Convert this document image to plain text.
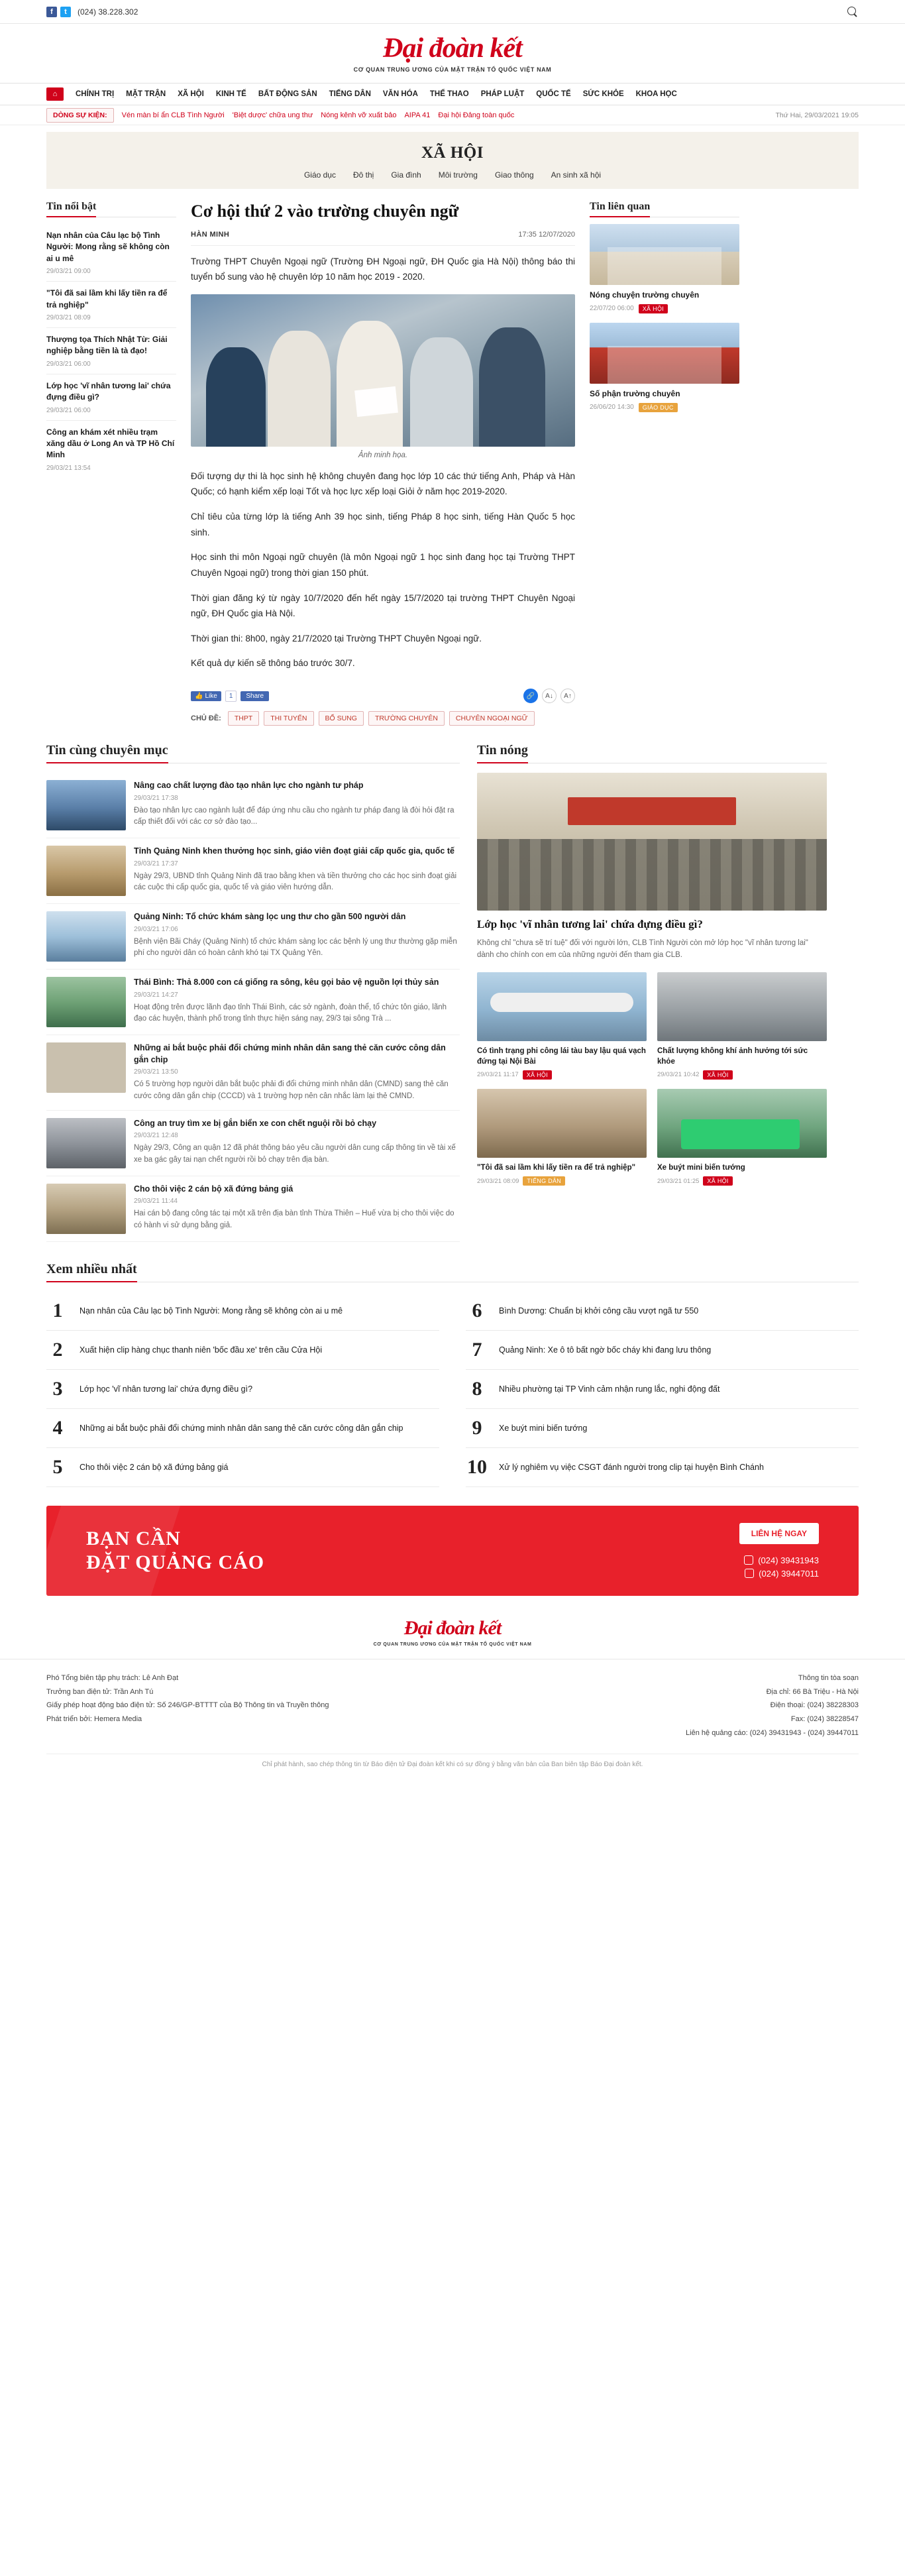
f	t	(024) 38.228.302
Đại đoàn kết
CƠ QUAN TRUNG ƯƠNG CỦA MẶT TRẬN TỔ QUỐC VIỆT NAM
⌂	CHÍNH TRỊ MẶT TRẬN XÃ HỘI KINH TẾ BẤT ĐỘNG SẢN TIẾNG DÂN VĂN HÓA THỂ THAO PHÁP LUẬT QUỐC TẾ SỨC KHỎE KHOA HỌC
DÒNG SỰ KIỆN:	Vén màn bí ẩn CLB Tình Người 'Biệt dược' chữa ung thư Nóng kênh vỡ xuất bảo AIPA 41 Đại hội Đảng toàn quốc	Thứ Hai, 29/03/2021 19:05
XÃ HỘI
Giáo dục Đô thị Gia đình Môi trường Giao thông An sinh xã hội
Tin nổi bật
Nạn nhân của Câu lạc bộ Tình Người: Mong rằng sẽ không còn ai u mê
29/03/21 09:00
"Tôi đã sai lầm khi lấy tiền ra để trả nghiệp"
29/03/21 08:09
Thượng tọa Thích Nhật Từ: Giải nghiệp bằng tiền là tà đạo!
29/03/21 06:00
Lớp học 'vĩ nhân tương lai' chứa đựng điều gì?
29/03/21 06:00
Công an khám xét nhiều trạm xăng dầu ở Long An và TP Hồ Chí Minh
29/03/21 13:54
Cơ hội thứ 2 vào trường chuyên ngữ
HÀN MINH	17:35 12/07/2020

Trường THPT Chuyên Ngoại ngữ (Trường ĐH Ngoại ngữ, ĐH Quốc gia Hà Nội) thông báo thi tuyển bổ sung vào hệ chuyên lớp 10 năm học 2019 - 2020.

Ảnh minh họa.

Đối tượng dự thi là học sinh hệ không chuyên đang học lớp 10 các thứ tiếng Anh, Pháp và Hàn Quốc; có hạnh kiểm xếp loại Tốt và học lực xếp loại Giỏi ở năm học 2019-2020.

Chỉ tiêu của từng lớp là tiếng Anh 39 học sinh, tiếng Pháp 8 học sinh, tiếng Hàn Quốc 5 học sinh.

Học sinh thi môn Ngoại ngữ chuyên (là môn Ngoại ngữ 1 học sinh đang học tại Trường THPT Chuyên Ngoại ngữ) trong thời gian 150 phút.

Thời gian đăng ký từ ngày 10/7/2020 đến hết ngày 15/7/2020 tại trường THPT Chuyên Ngoại ngữ, ĐH Quốc gia Hà Nội.

Thời gian thi: 8h00, ngày 21/7/2020 tại Trường THPT Chuyên Ngoại ngữ.

Kết quả dự kiến sẽ thông báo trước 30/7.

👍 Like	1	Share	🔗	A↓	A↑
CHỦ ĐỀ:	THPT	THI TUYỂN	BỔ SUNG	TRƯỜNG CHUYÊN	CHUYÊN NGOẠI NGỮ
Tin liên quan
Nóng chuyện trường chuyên
22/07/20 06:00	XÃ HỘI
Số phận trường chuyên
26/06/20 14:30	GIÁO DỤC
Tin cùng chuyên mục
Nâng cao chất lượng đào tạo nhân lực cho ngành tư pháp
29/03/21 17:38
Đào tạo nhân lực cao ngành luật để đáp ứng nhu cầu cho ngành tư pháp đang là đòi hỏi đặt ra cấp thiết đối với các cơ sở đào tạo...
Tỉnh Quảng Ninh khen thưởng học sinh, giáo viên đoạt giải cấp quốc gia, quốc tế
29/03/21 17:37
Ngày 29/3, UBND tỉnh Quảng Ninh đã trao bằng khen và tiền thưởng cho các học sinh đoạt giải các cuộc thi cấp quốc gia, quốc tế và giáo viên hướng dẫn.
Quảng Ninh: Tổ chức khám sàng lọc ung thư cho gần 500 người dân
29/03/21 17:06
Bệnh viện Bãi Cháy (Quảng Ninh) tổ chức khám sàng lọc các bệnh lý ung thư thường gặp miễn phí cho người dân có hoàn cảnh khó tại TX Quảng Yên.
Thái Bình: Thả 8.000 con cá giống ra sông, kêu gọi bảo vệ nguồn lợi thủy sản
29/03/21 14:27
Hoạt động trên được lãnh đạo tỉnh Thái Bình, các sở ngành, đoàn thể, tổ chức tôn giáo, lãnh đạo các huyện, thành phố trong tỉnh thực hiện sáng nay, 29/3 tại sông Trà ...
Những ai bắt buộc phải đổi chứng minh nhân dân sang thẻ căn cước công dân gắn chip
29/03/21 13:50
Có 5 trường hợp người dân bắt buộc phải đi đổi chứng minh nhân dân (CMND) sang thẻ căn cước công dân gắn chip (CCCD) và 1 trường hợp nên cân nhắc làm lại thẻ CMND.
Công an truy tìm xe bị gắn biển xe con chết nguội rồi bỏ chạy
29/03/21 12:48
Ngày 29/3, Công an quận 12 đã phát thông báo yêu cầu người dân cung cấp thông tin về tài xế xe ba gác gây tai nạn chết người rồi bỏ chạy trên địa bàn.
Cho thôi việc 2 cán bộ xã đứng bảng giá
29/03/21 11:44
Hai cán bộ đang công tác tại một xã trên địa bàn tỉnh Thừa Thiên – Huế vừa bị cho thôi việc do có hành vi sử dụng bằng giả.
Tin nóng
Lớp học 'vĩ nhân tương lai' chứa đựng điều gì?
Không chỉ "chưa sẽ trí tuệ" đối với người lớn, CLB Tình Người còn mở lớp học "vĩ nhân tương lai" dành cho chính con em của những người đến tham gia CLB.
Có tình trạng phi công lái tàu bay lậu quá vạch đứng tại Nội Bài
29/03/21 11:17	XÃ HỘI
Chất lượng không khí ảnh hưởng tới sức khỏe
29/03/21 10:42	XÃ HỘI
"Tôi đã sai lầm khi lấy tiền ra để trả nghiệp"
29/03/21 08:09	TIẾNG DÂN
Xe buýt mini biến tướng
29/03/21 01:25	XÃ HỘI
Xem nhiều nhất
1	Nạn nhân của Câu lạc bộ Tình Người: Mong rằng sẽ không còn ai u mê	6	Bình Dương: Chuẩn bị khởi công cầu vượt ngã tư 550
2	Xuất hiện clip hàng chục thanh niên 'bốc đầu xe' trên cầu Cửa Hội	7	Quảng Ninh: Xe ô tô bất ngờ bốc cháy khi đang lưu thông
3	Lớp học 'vĩ nhân tương lai' chứa đựng điều gì?	8	Nhiều phường tại TP Vinh cảm nhận rung lắc, nghi động đất
4	Những ai bắt buộc phải đổi chứng minh nhân dân sang thẻ căn cước công dân gắn chip	9	Xe buýt mini biến tướng
5	Cho thôi việc 2 cán bộ xã đứng bảng giá	10 Xử lý nghiêm vụ việc CSGT đánh người trong clip tại huyện Bình Chánh
BẠN CẦN
ĐẶT QUẢNG CÁO
LIÊN HỆ NGAY
(024) 39431943
(024) 39447011
Đại đoàn kết
CƠ QUAN TRUNG ƯƠNG CỦA MẶT TRẬN TỔ QUỐC VIỆT NAM
Phó Tổng biên tập phụ trách: Lê Anh Đạt
Trưởng ban điện tử: Trần Anh Tú
Giấy phép hoạt động báo điện tử: Số 246/GP-BTTTT của Bộ Thông tin và Truyền thông
Phát triển bởi: Hemera Media
Thông tin tòa soạn
Địa chỉ: 66 Bà Triệu - Hà Nội
Điện thoại: (024) 38228303
Fax: (024) 38228547
Liên hệ quảng cáo: (024) 39431943 - (024) 39447011
Chỉ phát hành, sao chép thông tin từ Báo điện tử Đại đoàn kết khi có sự đồng ý bằng văn bản của Ban biên tập Báo Đại đoàn kết.
